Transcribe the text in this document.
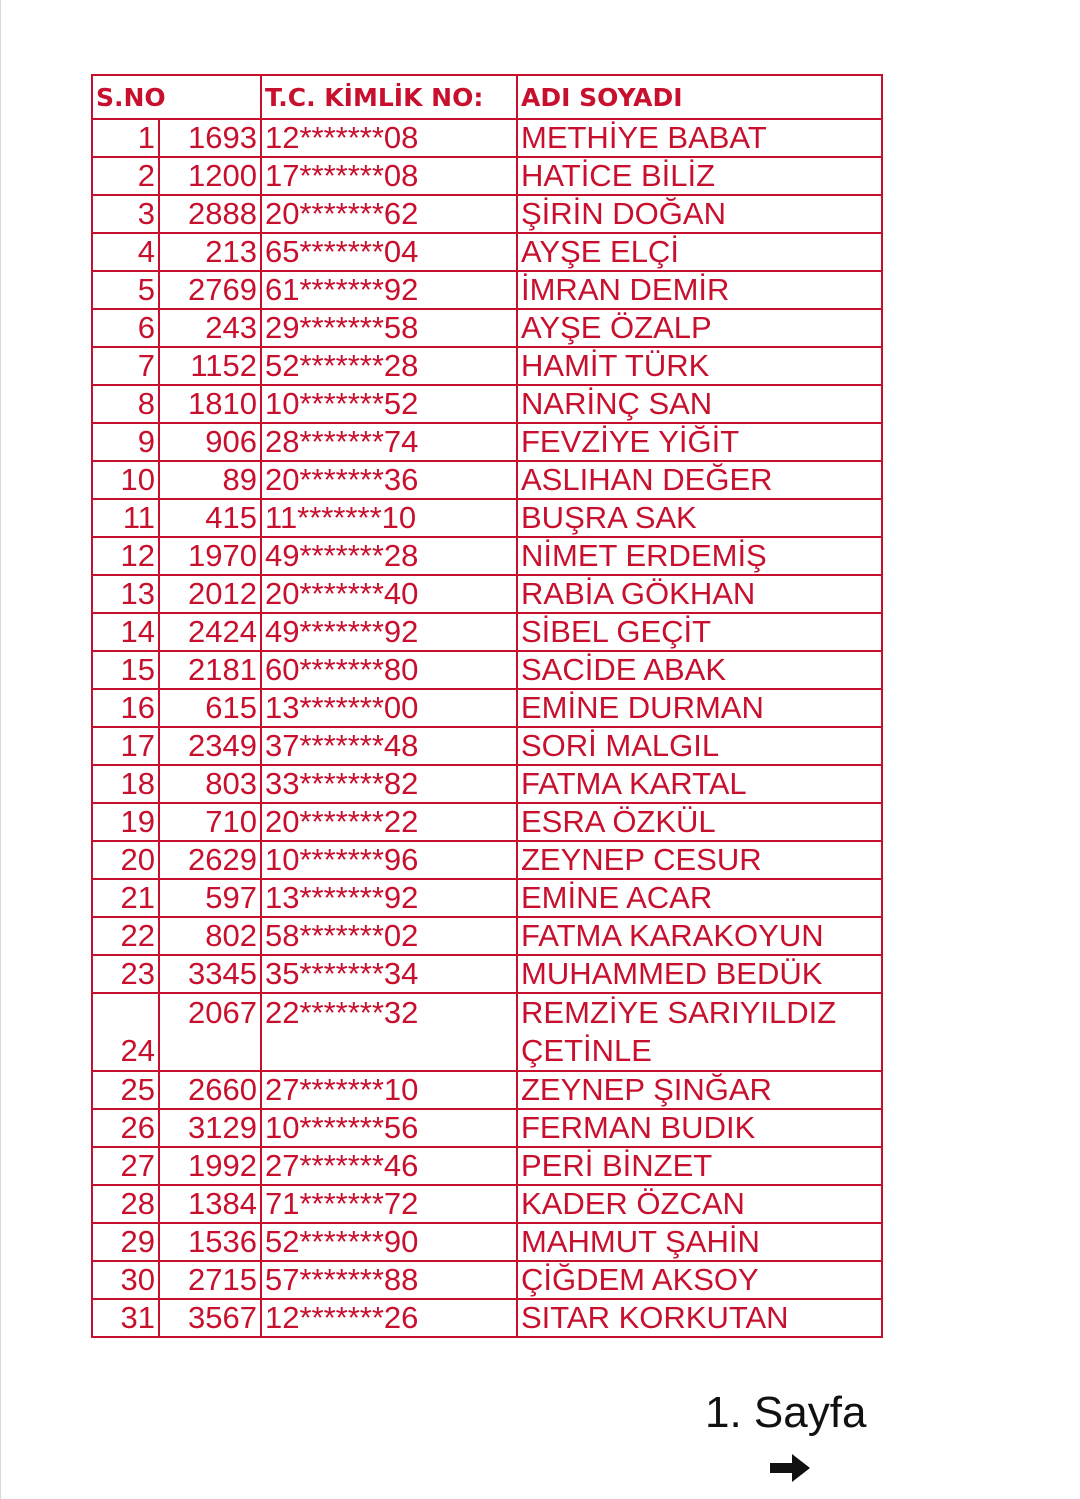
S.NO		T.C. KİMLİK NO:	ADI SOYADI
1	1693	12*******08	METHİYE BABAT
2	1200	17*******08	HATİCE BİLİZ
3	2888	20*******62	ŞİRİN DOĞAN
4	213	65*******04	AYŞE ELÇİ
5	2769	61*******92	İMRAN DEMİR
6	243	29*******58	AYŞE ÖZALP
7	1152	52*******28	HAMİT TÜRK
8	1810	10*******52	NARİNÇ SAN
9	906	28*******74	FEVZİYE YİĞİT
10	89	20*******36	ASLIHAN DEĞER
11	415	11*******10	BUŞRA SAK
12	1970	49*******28	NİMET ERDEMİŞ
13	2012	20*******40	RABİA GÖKHAN
14	2424	49*******92	SİBEL GEÇİT
15	2181	60*******80	SACİDE ABAK
16	615	13*******00	EMİNE DURMAN
17	2349	37*******48	SORİ MALGIL
18	803	33*******82	FATMA KARTAL
19	710	20*******22	ESRA ÖZKÜL
20	2629	10*******96	ZEYNEP CESUR
21	597	13*******92	EMİNE ACAR
22	802	58*******02	FATMA KARAKOYUN
23	3345	35*******34	MUHAMMED BEDÜK
24	2067	22*******32	REMZİYE SARIYILDIZ ÇETİNLE
25	2660	27*******10	ZEYNEP ŞINĞAR
26	3129	10*******56	FERMAN BUDIK
27	1992	27*******46	PERİ BİNZET
28	1384	71*******72	KADER ÖZCAN
29	1536	52*******90	MAHMUT ŞAHİN
30	2715	57*******88	ÇİĞDEM AKSOY
31	3567	12*******26	SITAR KORKUTAN
1. Sayfa
